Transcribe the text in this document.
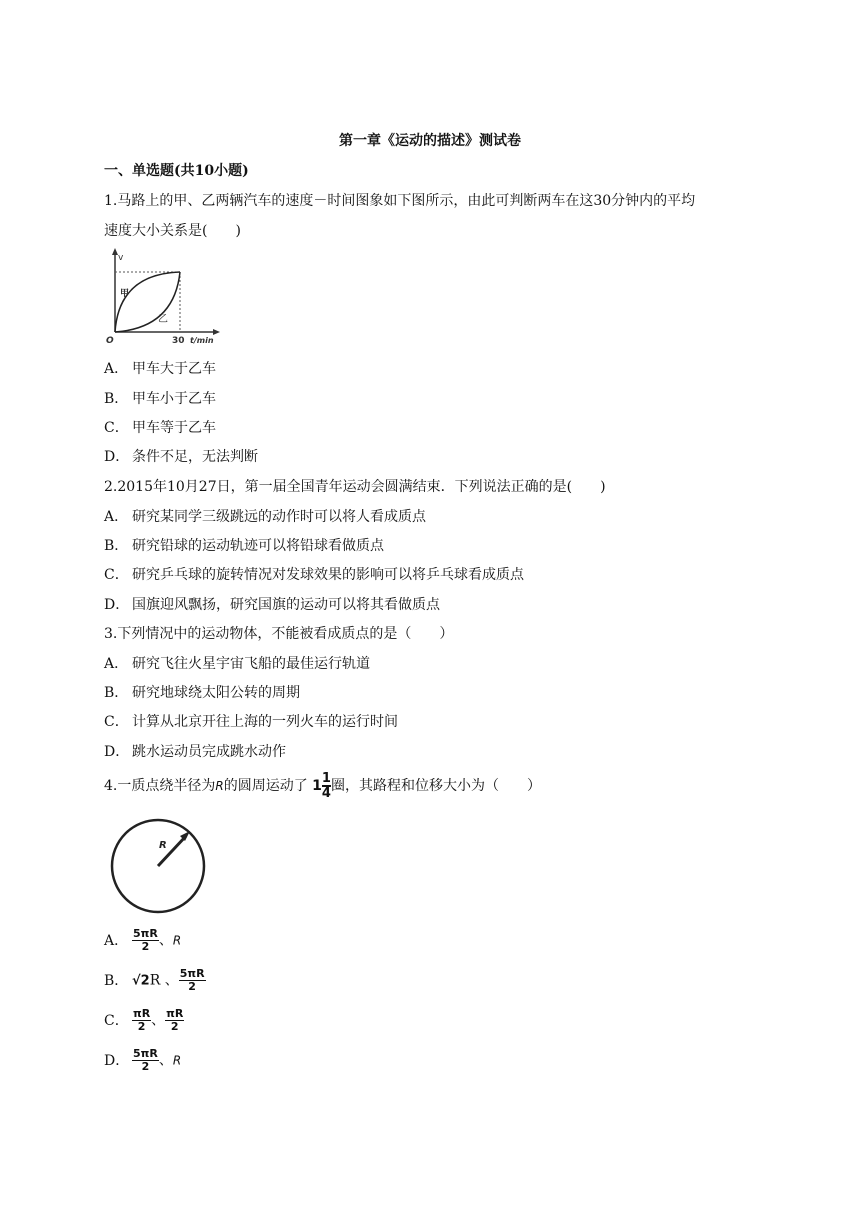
第一章《运动的描述》测试卷
一、单选题(共10小题)
1.马路上的甲、乙两辆汽车的速度－时间图象如下图所示，由此可判断两车在这30分钟内的平均
速度大小关系是(　　)
v
甲
乙
O	30 t/min
A． 甲车大于乙车
B． 甲车小于乙车
C． 甲车等于乙车
D． 条件不足，无法判断
2.2015年10月27日，第一届全国青年运动会圆满结束．下列说法正确的是(　　)
A． 研究某同学三级跳远的动作时可以将人看成质点
B． 研究铅球的运动轨迹可以将铅球看做质点
C． 研究乒乓球的旋转情况对发球效果的影响可以将乒乓球看成质点
D． 国旗迎风飘扬，研究国旗的运动可以将其看做质点
3.下列情况中的运动物体，不能被看成质点的是（　　）
A． 研究飞往火星宇宙飞船的最佳运行轨道
B． 研究地球绕太阳公转的周期
C． 计算从北京开往上海的一列火车的运行时间
D． 跳水运动员完成跳水动作
4.一质点绕半径为R的圆周运动了 $1 \frac{1}{4}$ 圈，其路程和位移大小为（　　）
R
A． $\frac{5\pi R}{2}$ 、R
B． √2R 、 $\frac{5\pi R}{2}$
C． $\frac{\pi R}{2}$ 、 $\frac{\pi R}{2}$
D． $\frac{5\pi R}{2}$ 、R
